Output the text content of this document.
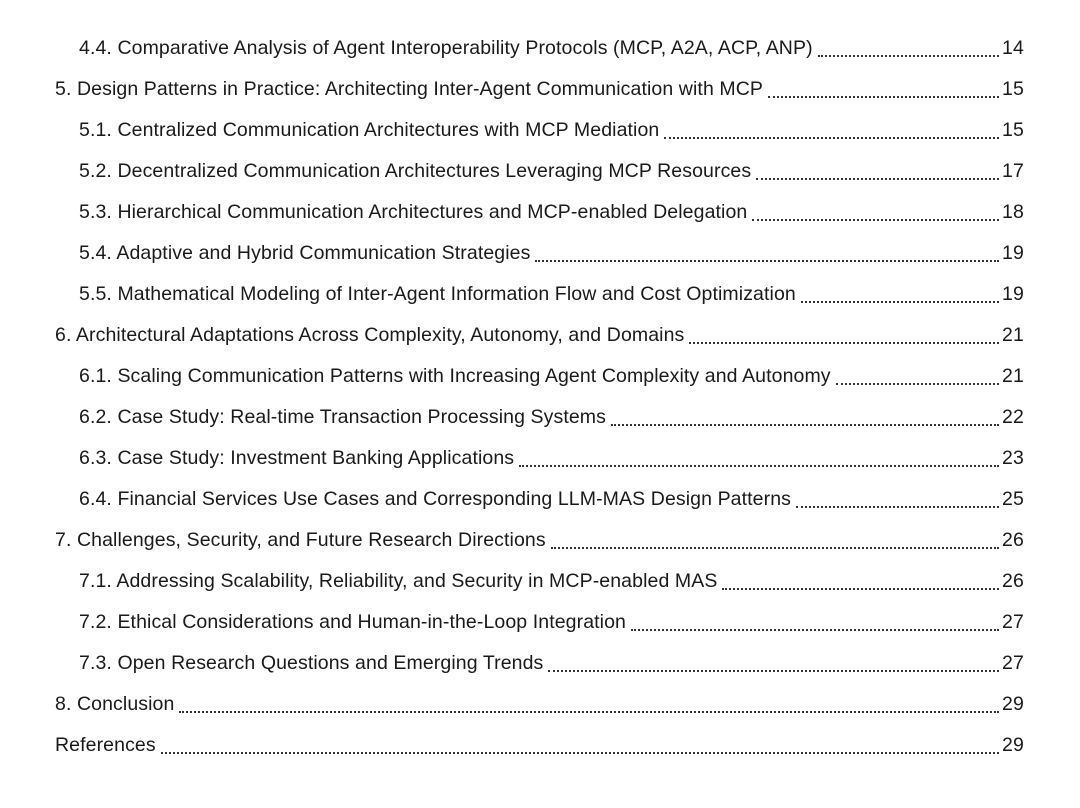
4.4. Comparative Analysis of Agent Interoperability Protocols (MCP, A2A, ACP, ANP)	14
5. Design Patterns in Practice: Architecting Inter-Agent Communication with MCP	15
5.1. Centralized Communication Architectures with MCP Mediation	15
5.2. Decentralized Communication Architectures Leveraging MCP Resources	17
5.3. Hierarchical Communication Architectures and MCP-enabled Delegation	18
5.4. Adaptive and Hybrid Communication Strategies	19
5.5. Mathematical Modeling of Inter-Agent Information Flow and Cost Optimization	19
6. Architectural Adaptations Across Complexity, Autonomy, and Domains	21
6.1. Scaling Communication Patterns with Increasing Agent Complexity and Autonomy	21
6.2. Case Study: Real-time Transaction Processing Systems	22
6.3. Case Study: Investment Banking Applications	23
6.4. Financial Services Use Cases and Corresponding LLM-MAS Design Patterns	25
7. Challenges, Security, and Future Research Directions	26
7.1. Addressing Scalability, Reliability, and Security in MCP-enabled MAS	26
7.2. Ethical Considerations and Human-in-the-Loop Integration	27
7.3. Open Research Questions and Emerging Trends	27
8. Conclusion	29
References	29
